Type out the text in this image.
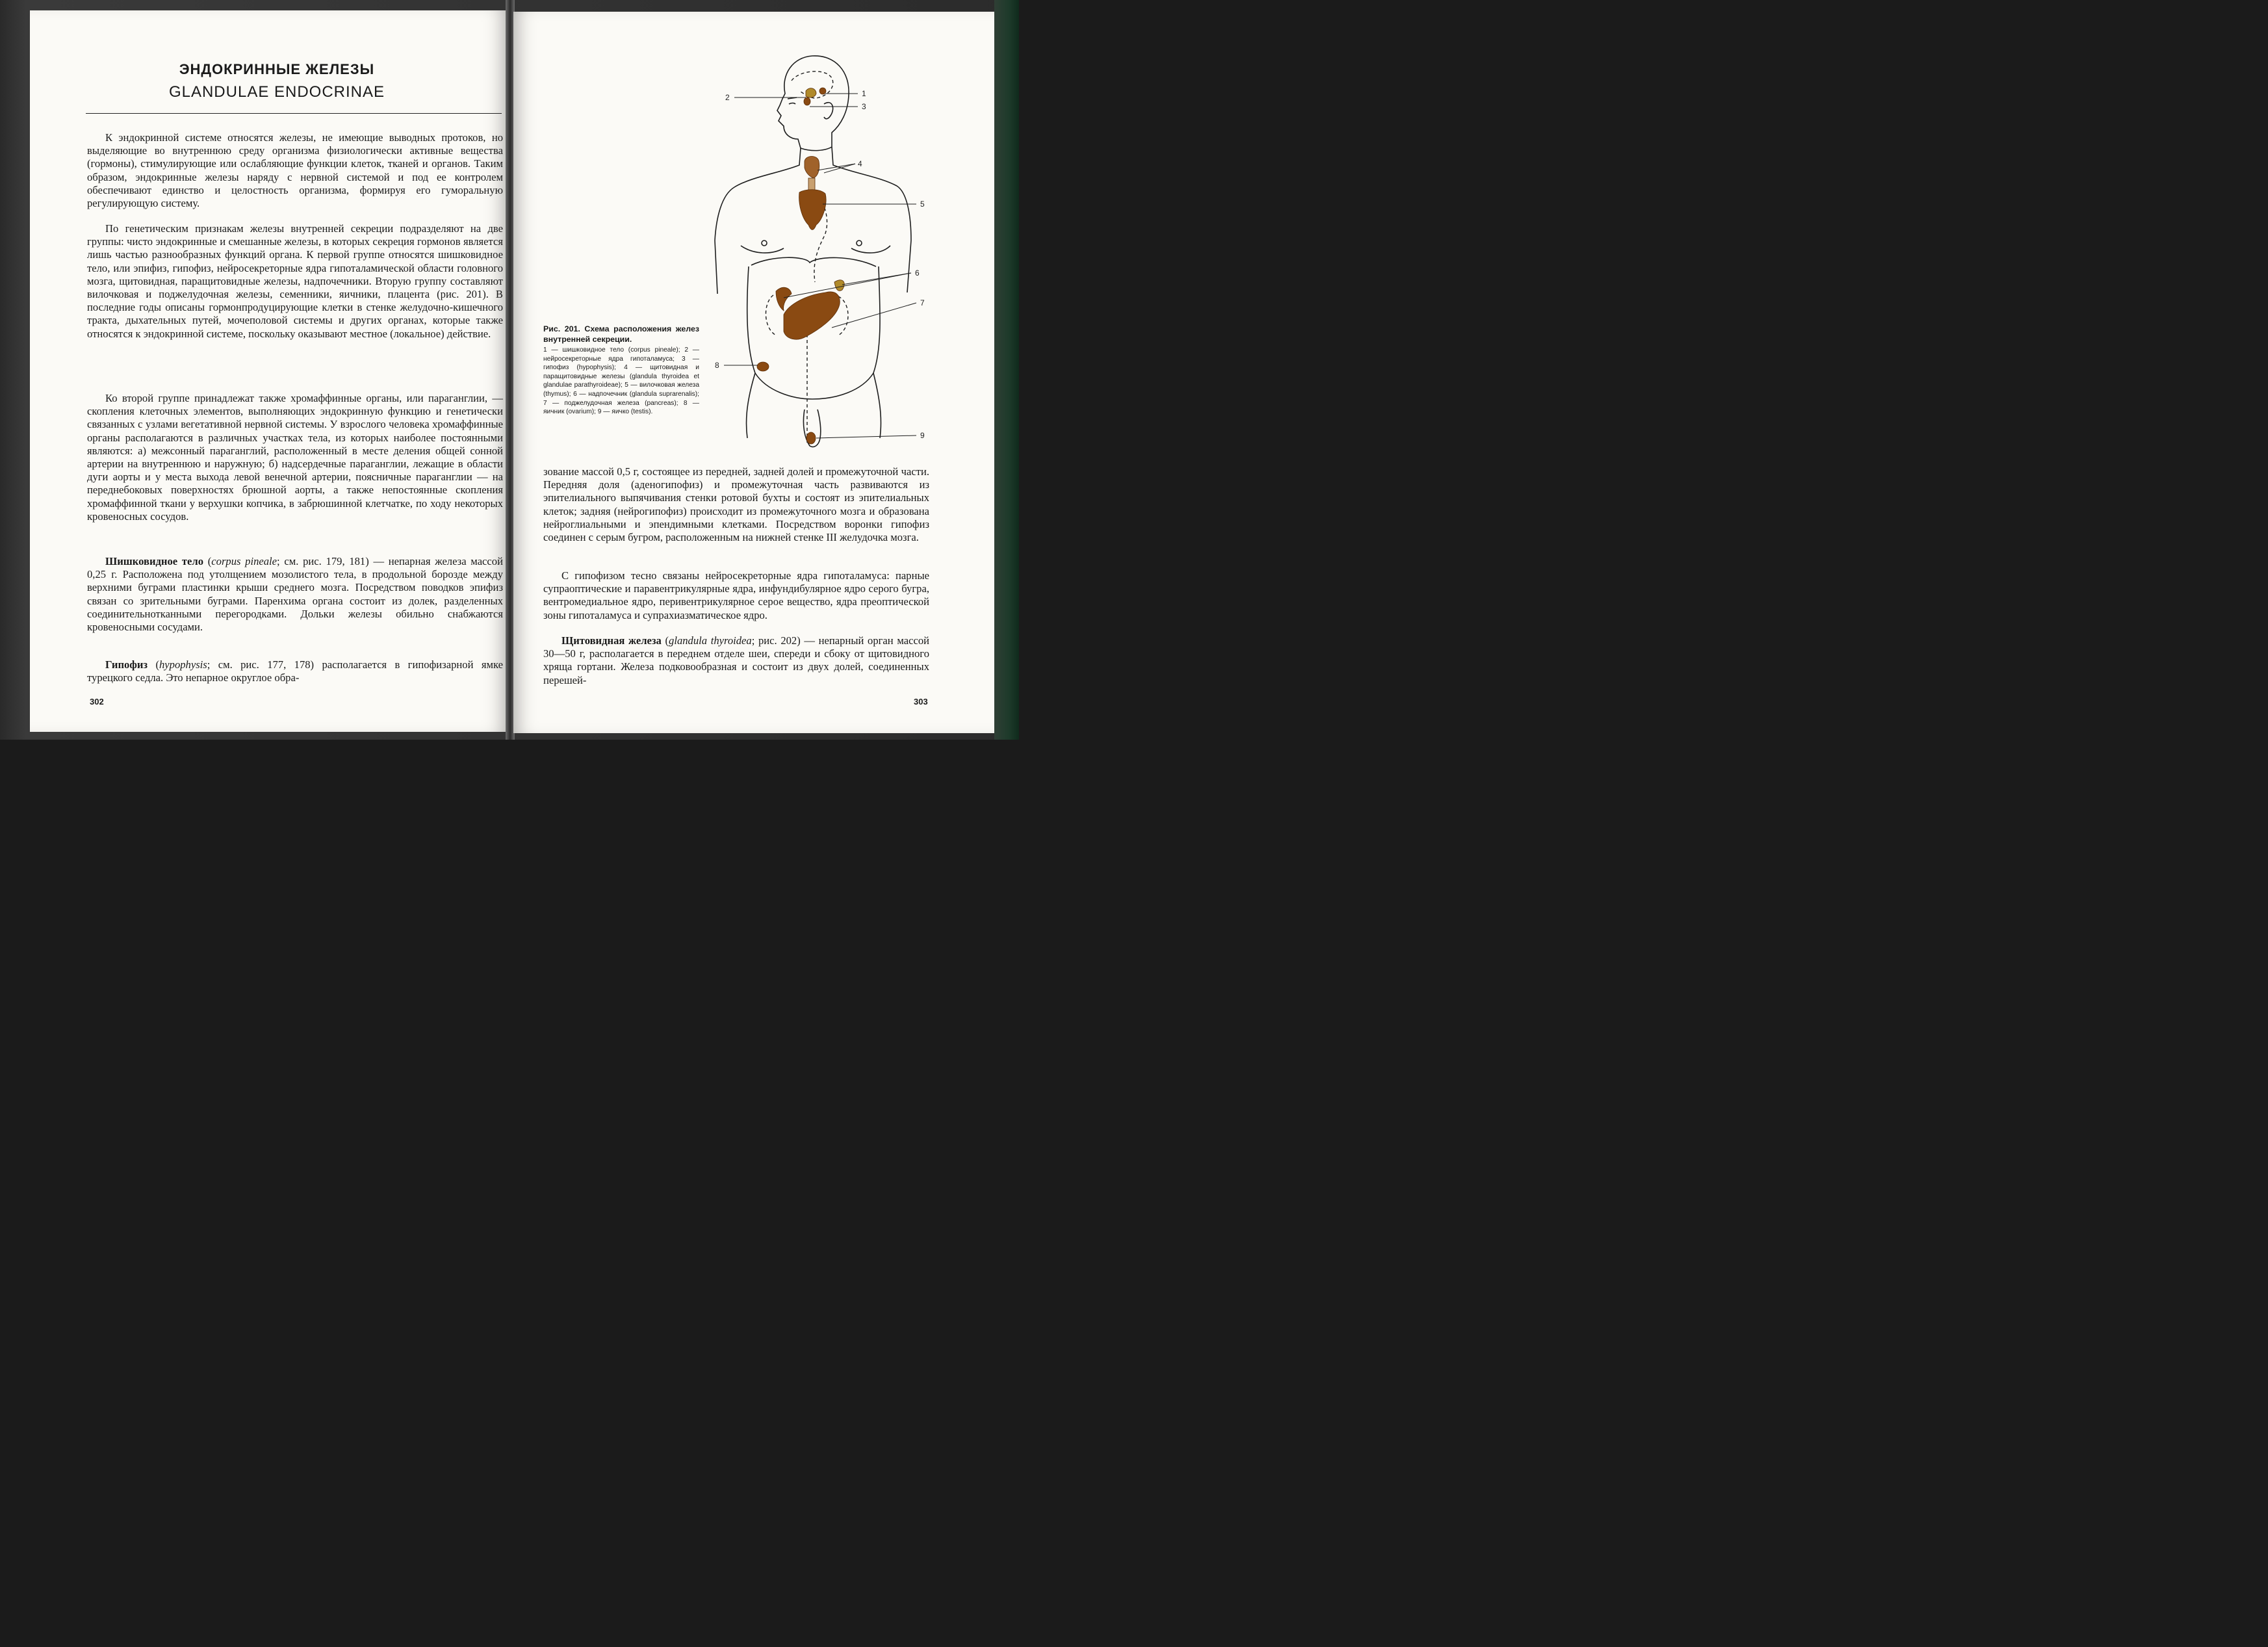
ЭНДОКРИННЫЕ ЖЕЛЕЗЫ
GLANDULAE ENDOCRINAE

К эндокринной системе относятся железы, не имеющие выводных протоков, но выделяющие во внутреннюю среду организма физиологически активные вещества (гормоны), стимулирующие или ослабляющие функции клеток, тканей и органов. Таким образом, эндокринные железы наряду с нервной системой и под ее контролем обеспечивают единство и целостность организма, формируя его гуморальную регулирующую систему.

По генетическим признакам железы внутренней секреции подразделяют на две группы: чисто эндокринные и смешанные железы, в которых секреция гормонов является лишь частью разнообразных функций органа. К первой группе относятся шишковидное тело, или эпифиз, гипофиз, нейросекреторные ядра гипоталамической области головного мозга, щитовидная, паращитовидные железы, надпочечники. Вторую группу составляют вилочковая и поджелудочная железы, семенники, яичники, плацента (рис. 201). В последние годы описаны гормонпродуцирующие клетки в стенке желудочно-кишечного тракта, дыхательных путей, мочеполовой системы и других органах, которые также относятся к эндокринной системе, поскольку оказывают местное (локальное) действие.

Ко второй группе принадлежат также хромаффинные органы, или параганглии, — скопления клеточных элементов, выполняющих эндокринную функцию и генетически связанных с узлами вегетативной нервной системы. У взрослого человека хромаффинные органы располагаются в различных участках тела, из которых наиболее постоянными являются: а) межсонный параганглий, расположенный в месте деления общей сонной артерии на внутреннюю и наружную; б) надсердечные параганглии, лежащие в области дуги аорты и у места выхода левой венечной артерии, поясничные параганглии — на переднебоковых поверхностях брюшной аорты, а также непостоянные скопления хромаффинной ткани у верхушки копчика, в забрюшинной клетчатке, по ходу некоторых кровеносных сосудов.

Шишковидное тело (corpus pineale; см. рис. 179, 181) — непарная железа массой 0,25 г. Расположена под утолщением мозолистого тела, в продольной борозде между верхними буграми пластинки крыши среднего мозга. Посредством поводков эпифиз связан со зрительными буграми. Паренхима органа состоит из долек, разделенных соединительнотканными перегородками. Дольки железы обильно снабжаются кровеносными сосудами.

Гипофиз (hypophysis; см. рис. 177, 178) располагается в гипофизарной ямке турецкого седла. Это непарное округлое обра-

302
1
2
3
4
5
6
7
8
9

Рис. 201. Схема расположения желез внутренней секреции.

1 — шишковидное тело (corpus pineale); 2 — нейросекреторные ядра гипоталамуса; 3 — гипофиз (hypophysis); 4 — щитовидная и паращитовидные железы (glandula thyroidea et glandulae parathyroideae); 5 — вилочковая железа (thymus); 6 — надпочечник (glandula suprarenalis); 7 — поджелудочная железа (pancreas); 8 — яичник (ovarium); 9 — яичко (testis).

зование массой 0,5 г, состоящее из передней, задней долей и промежуточной части. Передняя доля (аденогипофиз) и промежуточная часть развиваются из эпителиального выпячивания стенки ротовой бухты и состоят из эпителиальных клеток; задняя (нейрогипофиз) происходит из промежуточного мозга и образована нейроглиальными и эпендимными клетками. Посредством воронки гипофиз соединен с серым бугром, расположенным на нижней стенке III желудочка мозга.

С гипофизом тесно связаны нейросекреторные ядра гипоталамуса: парные супраоптические и паравентрикулярные ядра, инфундибулярное ядро серого бугра, вентромедиальное ядро, перивентрикулярное серое вещество, ядра преоптической зоны гипоталамуса и супрахиазматическое ядро.

Щитовидная железа (glandula thyroidea; рис. 202) — непарный орган массой 30—50 г, располагается в переднем отделе шеи, спереди и сбоку от щитовидного хряща гортани. Железа подковообразная и состоит из двух долей, соединенных перешей-

303
